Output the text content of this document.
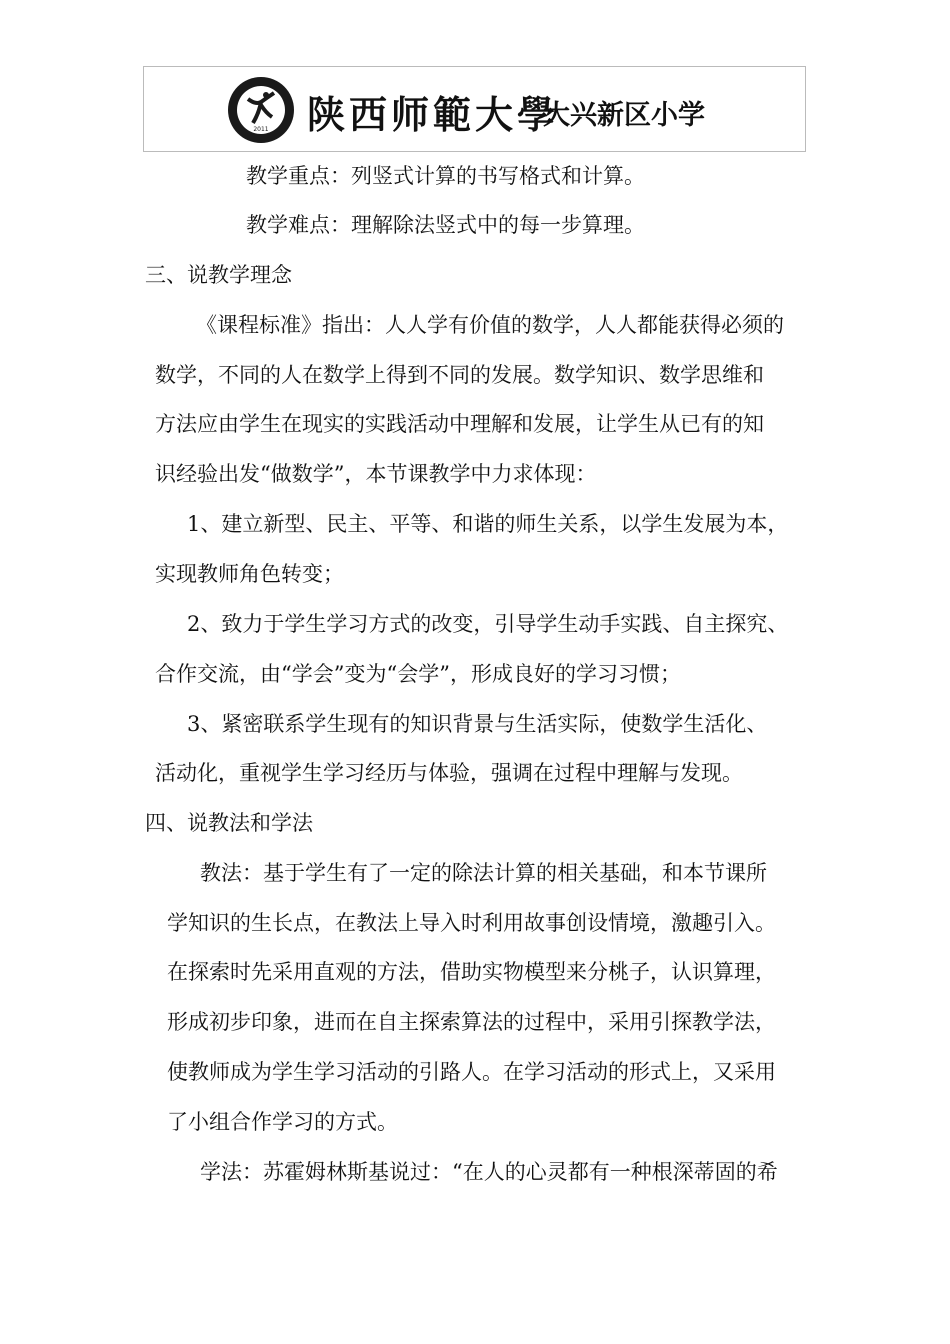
2011 陕西师範大學
大兴新区小学
教学重点：列竖式计算的书写格式和计算。
教学难点：理解除法竖式中的每一步算理。
三、说教学理念
《课程标准》指出：人人学有价值的数学，人人都能获得必须的
数学，不同的人在数学上得到不同的发展。数学知识、数学思维和
方法应由学生在现实的实践活动中理解和发展，让学生从已有的知
识经验出发“做数学”，本节课教学中力求体现：
1、建立新型、民主、平等、和谐的师生关系，以学生发展为本，
实现教师角色转变；
2、致力于学生学习方式的改变，引导学生动手实践、自主探究、
合作交流，由“学会”变为“会学”，形成良好的学习习惯；
3、紧密联系学生现有的知识背景与生活实际，使数学生活化、
活动化，重视学生学习经历与体验，强调在过程中理解与发现。
四、说教法和学法
教法：基于学生有了一定的除法计算的相关基础，和本节课所
学知识的生长点，在教法上导入时利用故事创设情境，激趣引入。
在探索时先采用直观的方法，借助实物模型来分桃子，认识算理，
形成初步印象，进而在自主探索算法的过程中，采用引探教学法，
使教师成为学生学习活动的引路人。在学习活动的形式上，又采用
了小组合作学习的方式。
学法：苏霍姆林斯基说过：“在人的心灵都有一种根深蒂固的希
